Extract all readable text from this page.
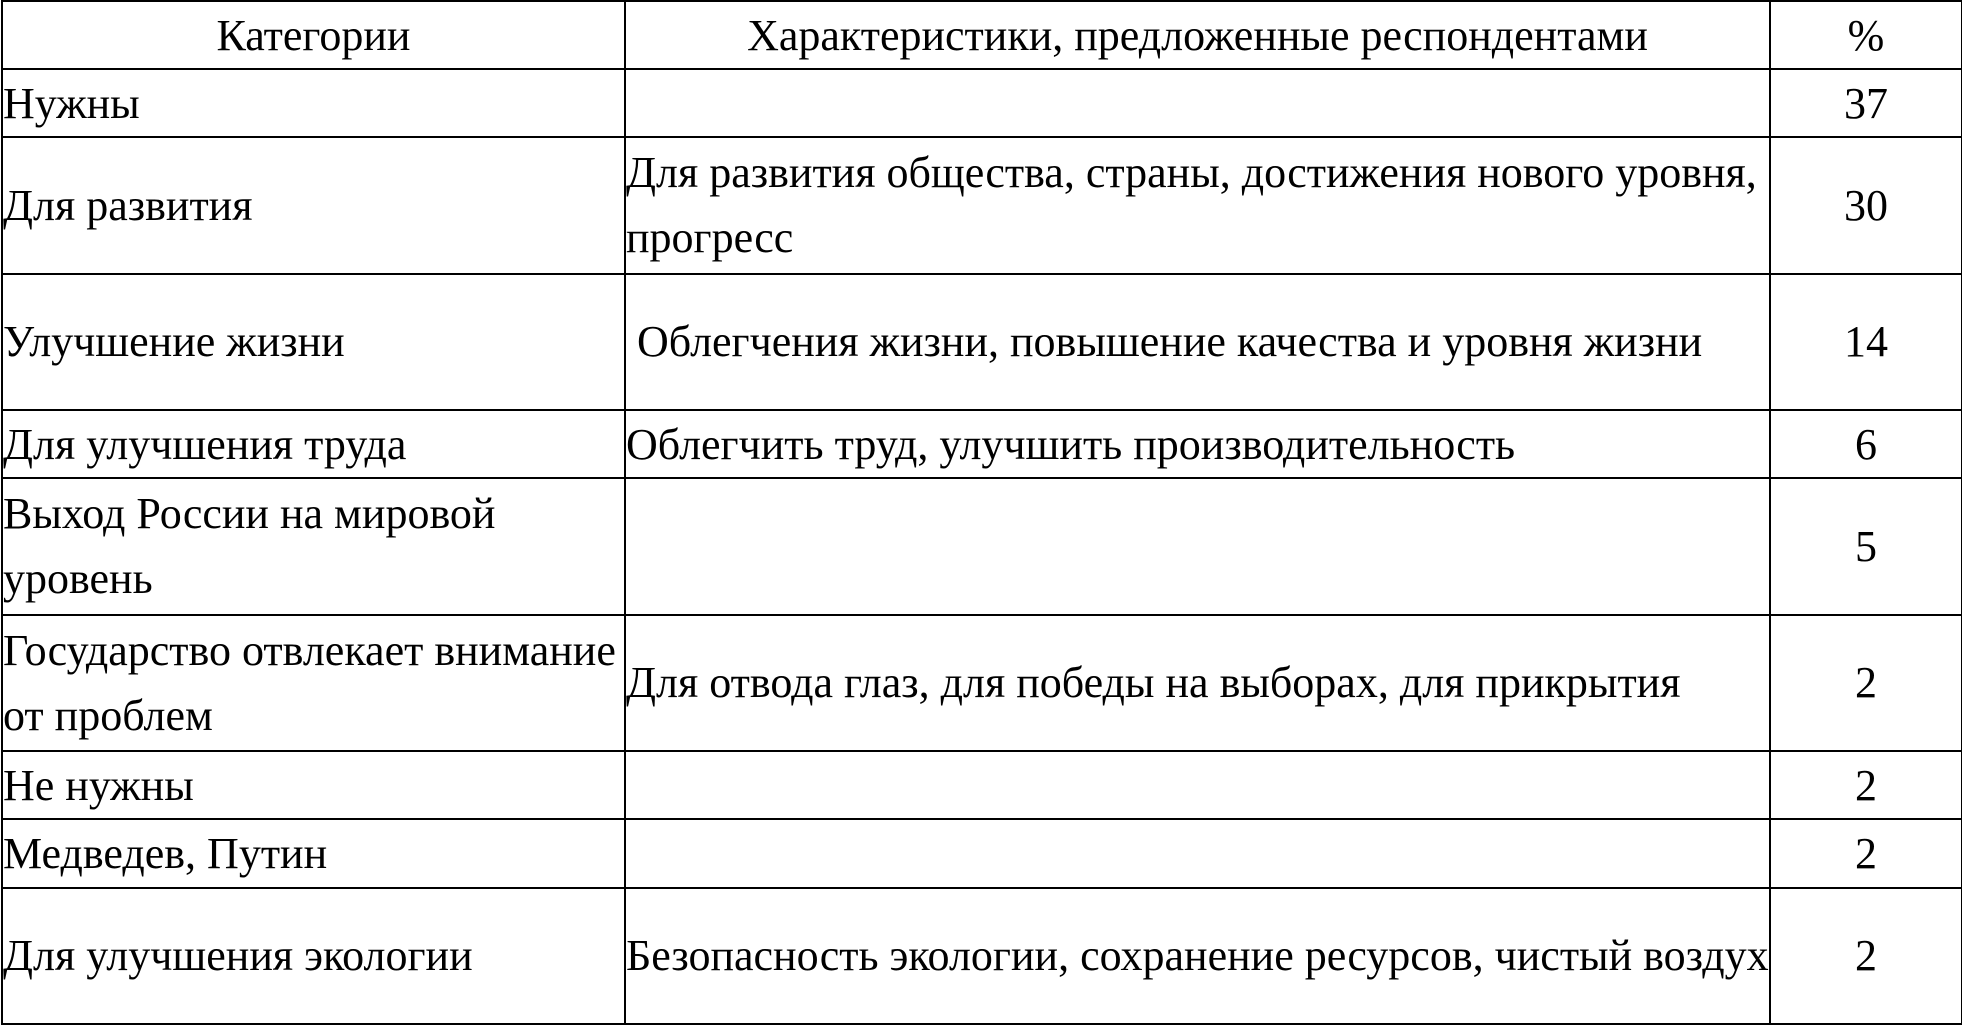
Категории	Характеристики, предложенные респондентами	%
Нужны		37
Для развития	Для развития общества, страны, достижения нового уровня, прогресс	30
Улучшение жизни	Облегчения жизни, повышение качества и уровня жизни	14
Для улучшения труда	Облегчить труд, улучшить производительность	6
Выход России на мировой уровень		5
Государство отвлекает внимание от проблем	Для отвода глаз, для победы на выборах, для прикрытия	2
Не нужны		2
Медведев, Путин		2
Для улучшения экологии	Безопасность экологии, сохранение ресурсов, чистый воздух	2
